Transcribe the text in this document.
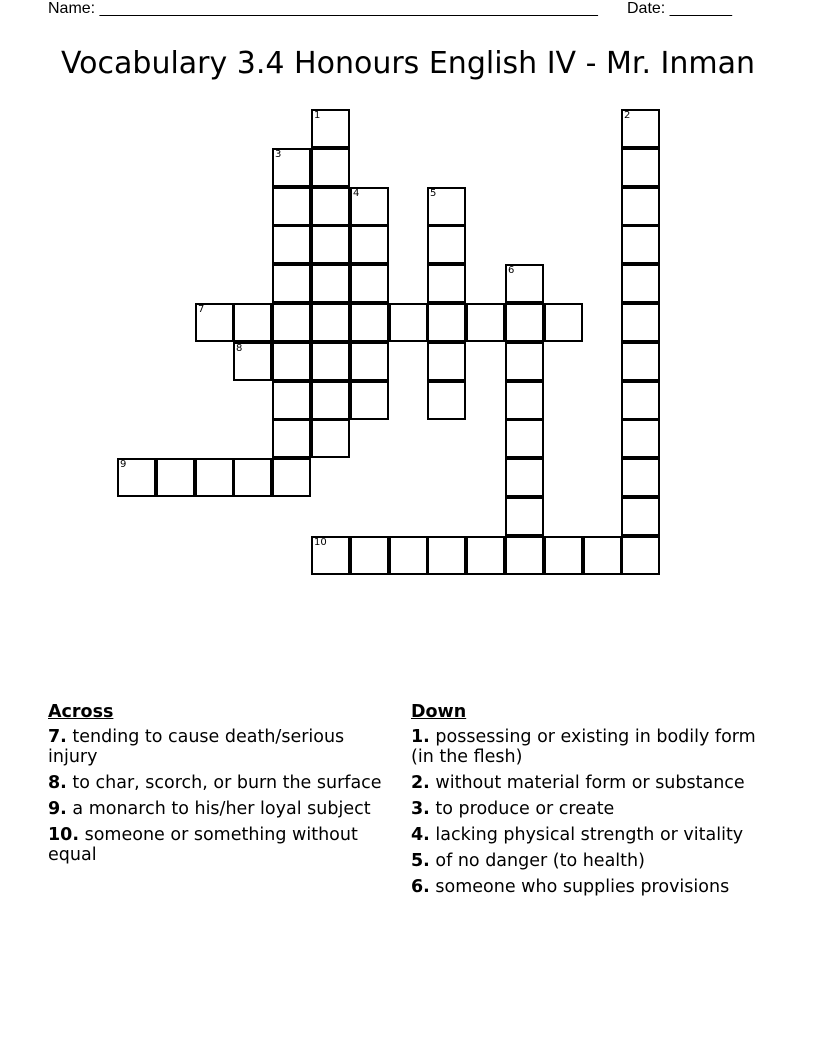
Name: ________________________________________________________ Date: _______
Vocabulary 3.4 Honours English IV - Mr. Inman
1	2
3
4	5
6
7
8
9
10
Across
7. tending to cause death/serious injury
8. to char, scorch, or burn the surface
9. a monarch to his/her loyal subject
10. someone or something without equal
Down
1. possessing or existing in bodily form (in the flesh)
2. without material form or substance
3. to produce or create
4. lacking physical strength or vitality
5. of no danger (to health)
6. someone who supplies provisions
